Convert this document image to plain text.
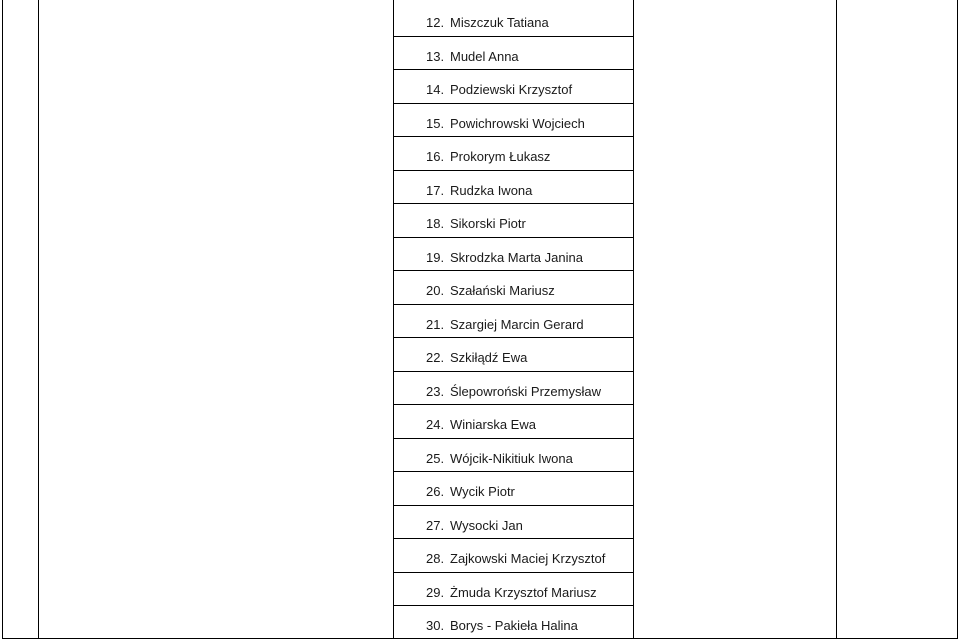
12. Miszczuk Tatiana
13. Mudel Anna
14. Podziewski Krzysztof
15. Powichrowski Wojciech
16. Prokorym Łukasz
17. Rudzka Iwona
18. Sikorski Piotr
19. Skrodzka Marta Janina
20. Szałański Mariusz
21. Szargiej Marcin Gerard
22. Szkiłądź Ewa
23. Ślepowroński Przemysław
24. Winiarska Ewa
25. Wójcik-Nikitiuk Iwona
26. Wycik Piotr
27. Wysocki Jan
28. Zajkowski Maciej Krzysztof
29. Żmuda Krzysztof Mariusz
30. Borys - Pakieła Halina
